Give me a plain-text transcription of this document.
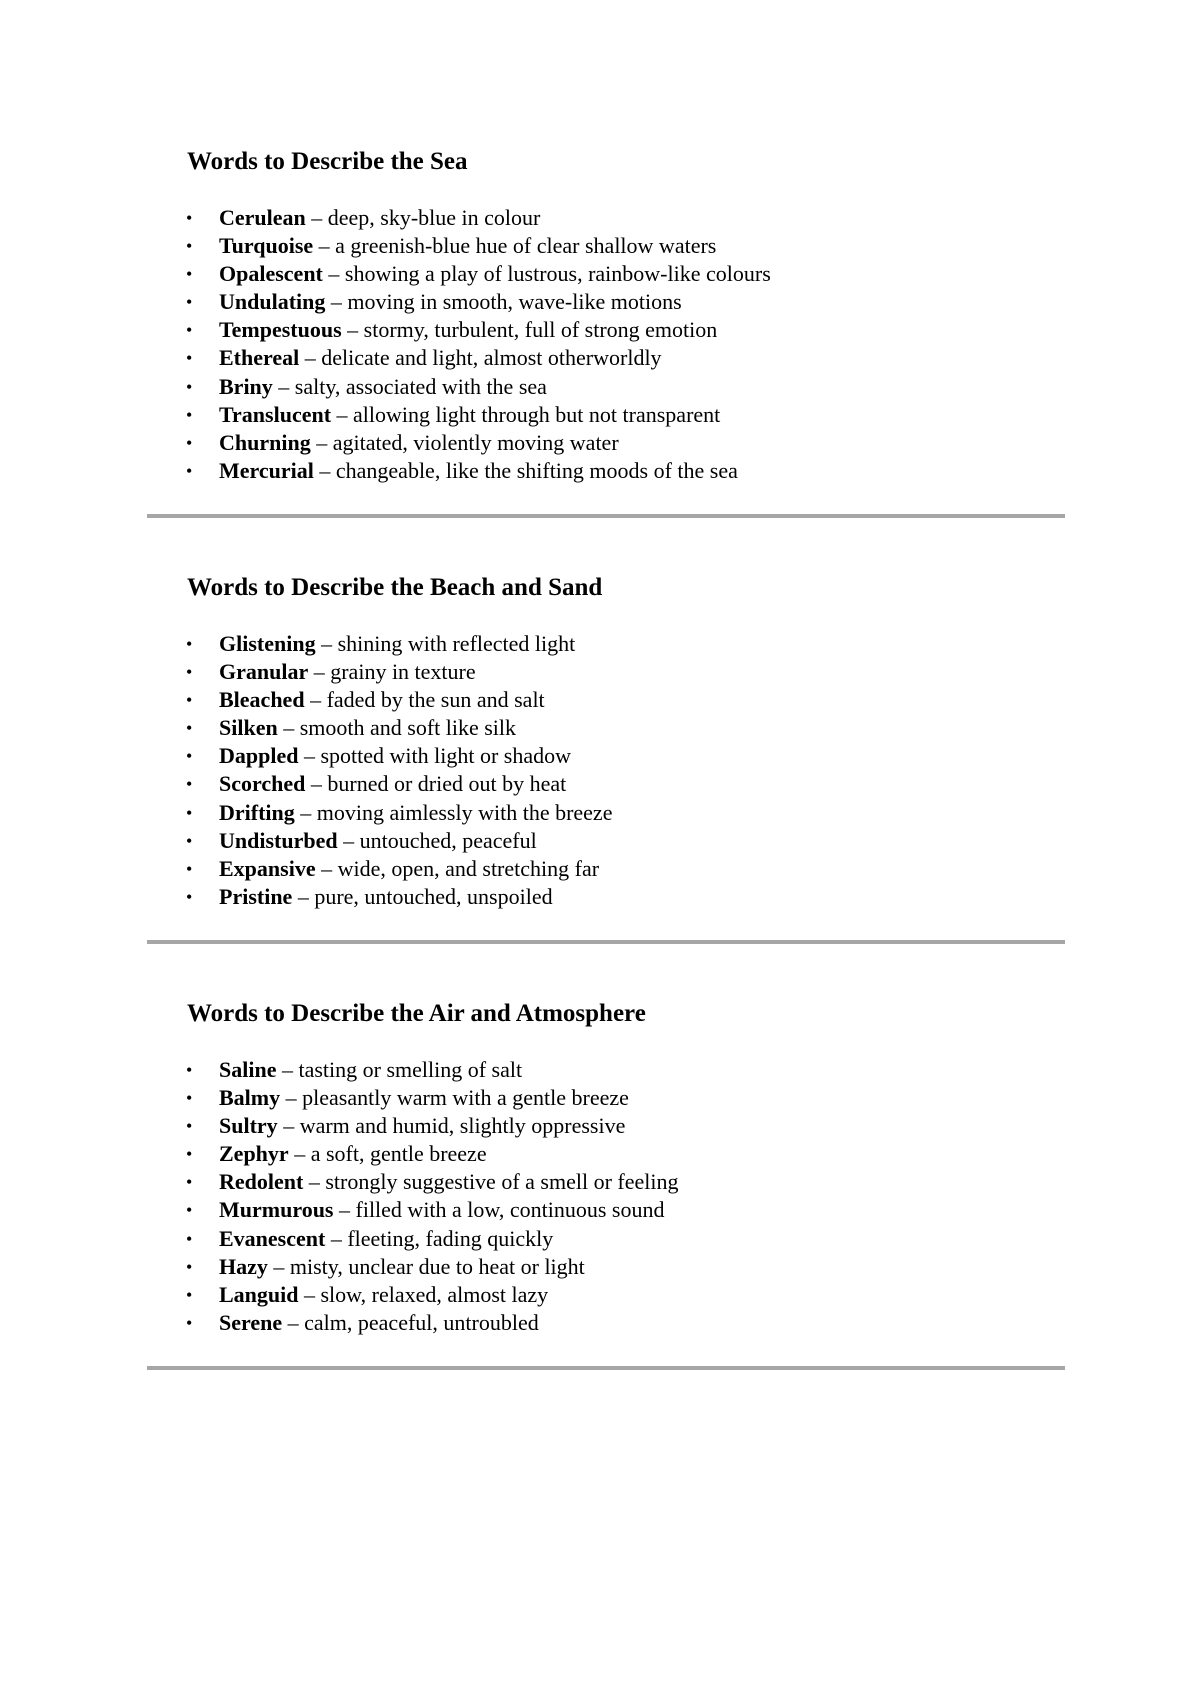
Words to Describe the Sea
• Cerulean – deep, sky-blue in colour
• Turquoise – a greenish-blue hue of clear shallow waters
• Opalescent – showing a play of lustrous, rainbow-like colours
• Undulating – moving in smooth, wave-like motions
• Tempestuous – stormy, turbulent, full of strong emotion
• Ethereal – delicate and light, almost otherworldly
• Briny – salty, associated with the sea
• Translucent – allowing light through but not transparent
• Churning – agitated, violently moving water
• Mercurial – changeable, like the shifting moods of the sea
Words to Describe the Beach and Sand
• Glistening – shining with reflected light
• Granular – grainy in texture
• Bleached – faded by the sun and salt
• Silken – smooth and soft like silk
• Dappled – spotted with light or shadow
• Scorched – burned or dried out by heat
• Drifting – moving aimlessly with the breeze
• Undisturbed – untouched, peaceful
• Expansive – wide, open, and stretching far
• Pristine – pure, untouched, unspoiled
Words to Describe the Air and Atmosphere
• Saline – tasting or smelling of salt
• Balmy – pleasantly warm with a gentle breeze
• Sultry – warm and humid, slightly oppressive
• Zephyr – a soft, gentle breeze
• Redolent – strongly suggestive of a smell or feeling
• Murmurous – filled with a low, continuous sound
• Evanescent – fleeting, fading quickly
• Hazy – misty, unclear due to heat or light
• Languid – slow, relaxed, almost lazy
• Serene – calm, peaceful, untroubled
